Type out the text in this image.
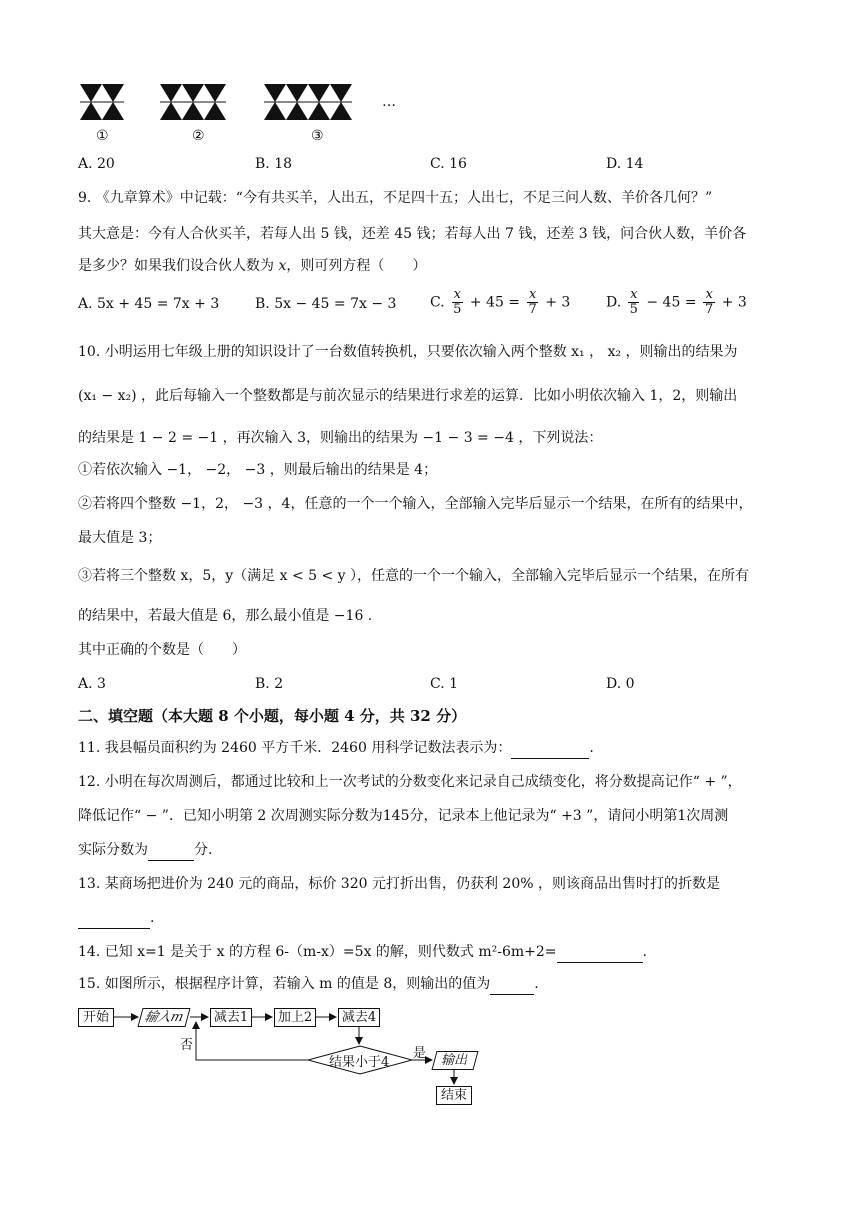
…
①	②	③
A. 20	B. 18	C. 16	D. 14
9. 《九章算术》中记载：“今有共买羊，人出五，不足四十五；人出七，不足三问人数、羊价各几何？”
其大意是：今有人合伙买羊，若每人出 5 钱，还差 45 钱；若每人出 7 钱，还差 3 钱，问合伙人数，羊价各
是多少？如果我们设合伙人数为 x，则可列方程（　　）
A. 5x + 45 = 7x + 3	B. 5x − 45 = 7x − 3 C. $\frac{x}{5} + 45 = \frac{x}{7} + 3$	D. $\frac{x}{5} - 45 = \frac{x}{7} + 3$
10. 小明运用七年级上册的知识设计了一台数值转换机，只要依次输入两个整数 x₁ ， x₂ ，则输出的结果为
(x₁ − x₂) ，此后每输入一个整数都是与前次显示的结果进行求差的运算．比如小明依次输入 1，2，则输出
的结果是 1 − 2 = −1 ，再次输入 3，则输出的结果为 −1 − 3 = −4 ，下列说法：
①若依次输入 −1， −2， −3 ，则最后输出的结果是 4；
②若将四个整数 −1，2， −3 ，4，任意的一个一个输入，全部输入完毕后显示一个结果，在所有的结果中，
最大值是 3；
③若将三个整数 x，5，y（满足 x < 5 < y ），任意的一个一个输入，全部输入完毕后显示一个结果，在所有
的结果中，若最大值是 6，那么最小值是 −16 .
其中正确的个数是（　　）
A. 3	B. 2	C. 1	D. 0
二、填空题（本大题 8 个小题，每小题 4 分，共 32 分）
11. 我县幅员面积约为 2460 平方千米．2460 用科学记数法表示为：	.
12. 小明在每次周测后，都通过比较和上一次考试的分数变化来记录自己成绩变化，将分数提高记作“ + ”，
降低记作“ − ”．已知小明第 2 次周测实际分数为145分，记录本上他记录为“ +3 ”，请问小明第1次周测
实际分数为	分.
13. 某商场把进价为 240 元的商品，标价 320 元打折出售，仍获利 20% ，则该商品出售时打的折数是
.
14. 已知 x=1 是关于 x 的方程 6-（m-x）=5x 的解，则代数式 m²-6m+2=	.
15. 如图所示，根据程序计算，若输入 m 的值是 8，则输出的值为	.
开始	输入m	减去1 加上2 减去4
结果小于4
否
是	输出
结束
